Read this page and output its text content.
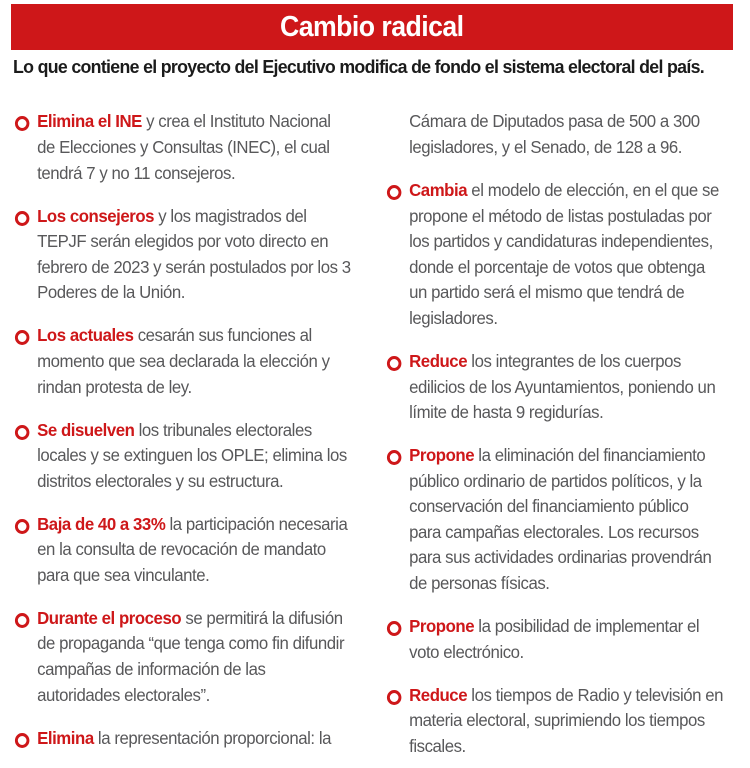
Cambio radical
Lo que contiene el proyecto del Ejecutivo modifica de fondo el sistema electoral del país.

Elimina el INE y crea el Instituto Nacional de Elecciones y Consultas (INEC), el cual tendrá 7 y no 11 consejeros.

Los consejeros y los magistrados del TEPJF serán elegidos por voto directo en febrero de 2023 y serán postulados por los 3 Poderes de la Unión.

Los actuales cesarán sus funciones al momento que sea declarada la elección y rindan protesta de ley.

Se disuelven los tribunales electorales locales y se extinguen los OPLE; elimina los distritos electorales y su estructura.

Baja de 40 a 33% la participación necesaria en la consulta de revocación de mandato para que sea vinculante.

Durante el proceso se permitirá la difusión de propaganda “que tenga como fin difundir campañas de información de las autoridades electorales”.

Elimina la representación proporcional: la

Cámara de Diputados pasa de 500 a 300 legisladores, y el Senado, de 128 a 96.

Cambia el modelo de elección, en el que se propone el método de listas postuladas por los partidos y candidaturas independientes, donde el porcentaje de votos que obtenga un partido será el mismo que tendrá de legisladores.

Reduce los integrantes de los cuerpos edilicios de los Ayuntamientos, poniendo un límite de hasta 9 regidurías.

Propone la eliminación del financiamiento público ordinario de partidos políticos, y la conservación del financiamiento público para campañas electorales. Los recursos para sus actividades ordinarias provendrán de personas físicas.

Propone la posibilidad de implementar el voto electrónico.

Reduce los tiempos de Radio y televisión en materia electoral, suprimiendo los tiempos fiscales.
